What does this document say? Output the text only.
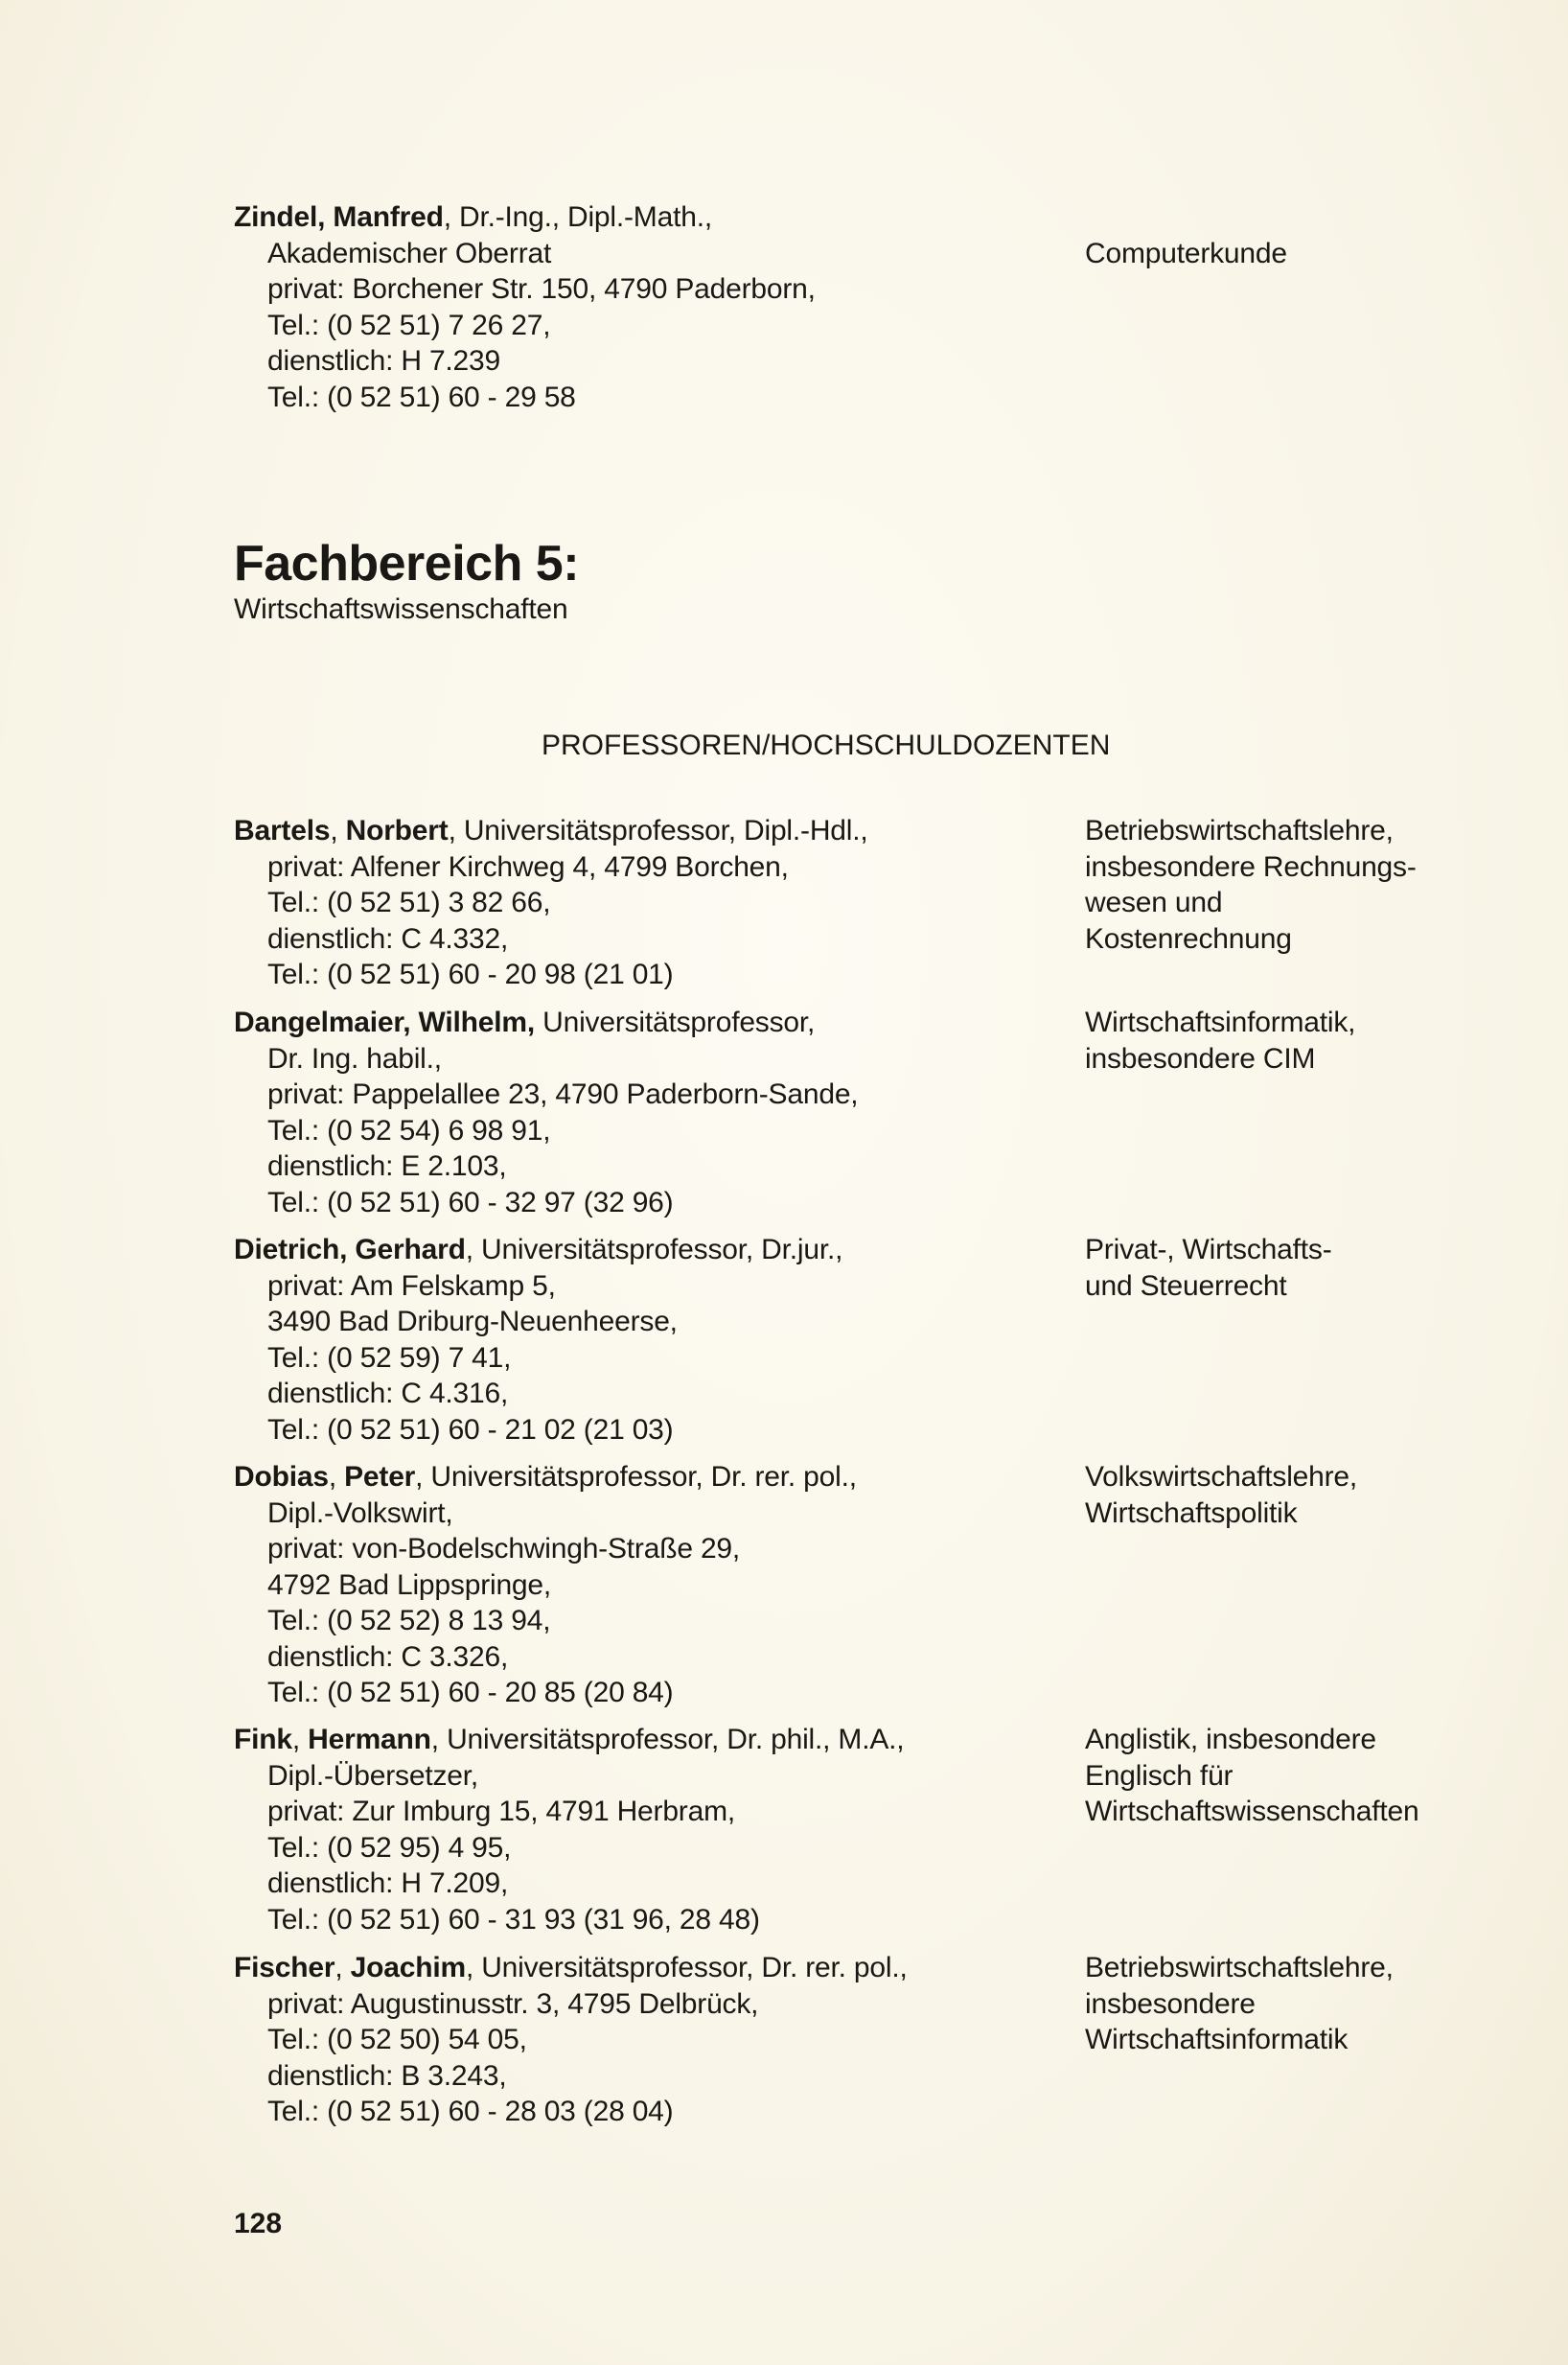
Zindel, Manfred, Dr.-Ing., Dipl.-Math.,
Akademischer Oberrat
privat: Borchener Str. 150, 4790 Paderborn,
Tel.: (0 52 51) 7 26 27,
dienstlich: H 7.239
Tel.: (0 52 51) 60 - 29 58
Computerkunde
Fachbereich 5:
Wirtschaftswissenschaften
PROFESSOREN/HOCHSCHULDOZENTEN
Bartels, Norbert, Universitätsprofessor, Dipl.-Hdl.,
privat: Alfener Kirchweg 4, 4799 Borchen,
Tel.: (0 52 51) 3 82 66,
dienstlich: C 4.332,
Tel.: (0 52 51) 60 - 20 98 (21 01)
Betriebswirtschaftslehre,
insbesondere Rechnungs-
wesen und
Kostenrechnung
Dangelmaier, Wilhelm, Universitätsprofessor,
Dr. Ing. habil.,
privat: Pappelallee 23, 4790 Paderborn-Sande,
Tel.: (0 52 54) 6 98 91,
dienstlich: E 2.103,
Tel.: (0 52 51) 60 - 32 97 (32 96)
Wirtschaftsinformatik,
insbesondere CIM
Dietrich, Gerhard, Universitätsprofessor, Dr.jur.,
privat: Am Felskamp 5,
3490 Bad Driburg-Neuenheerse,
Tel.: (0 52 59) 7 41,
dienstlich: C 4.316,
Tel.: (0 52 51) 60 - 21 02 (21 03)
Privat-, Wirtschafts-
und Steuerrecht
Dobias, Peter, Universitätsprofessor, Dr. rer. pol.,
Dipl.-Volkswirt,
privat: von-Bodelschwingh-Straße 29,
4792 Bad Lippspringe,
Tel.: (0 52 52) 8 13 94,
dienstlich: C 3.326,
Tel.: (0 52 51) 60 - 20 85 (20 84)
Volkswirtschaftslehre,
Wirtschaftspolitik
Fink, Hermann, Universitätsprofessor, Dr. phil., M.A.,
Dipl.-Übersetzer,
privat: Zur Imburg 15, 4791 Herbram,
Tel.: (0 52 95) 4 95,
dienstlich: H 7.209,
Tel.: (0 52 51) 60 - 31 93 (31 96, 28 48)
Anglistik, insbesondere
Englisch für
Wirtschaftswissenschaften
Fischer, Joachim, Universitätsprofessor, Dr. rer. pol.,
privat: Augustinusstr. 3, 4795 Delbrück,
Tel.: (0 52 50) 54 05,
dienstlich: B 3.243,
Tel.: (0 52 51) 60 - 28 03 (28 04)
Betriebswirtschaftslehre,
insbesondere
Wirtschaftsinformatik
128
